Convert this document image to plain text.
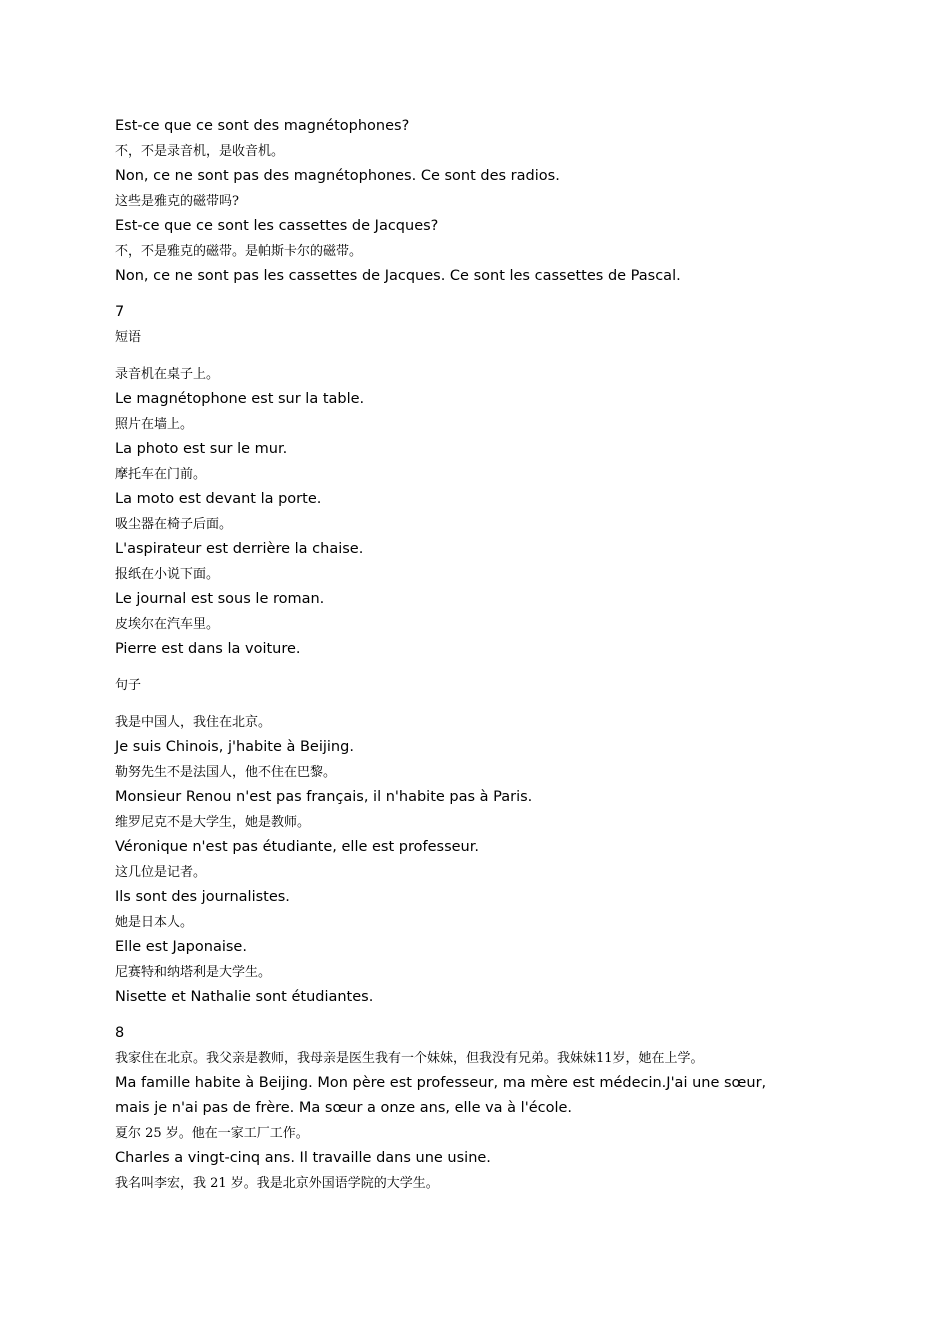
Est-ce que ce sont des magnétophones?
不，不是录音机，是收音机。
Non, ce ne sont pas des magnétophones. Ce sont des radios.
这些是雅克的磁带吗?
Est-ce que ce sont les cassettes de Jacques?
不，不是雅克的磁带。是帕斯卡尔的磁带。
Non, ce ne sont pas les cassettes de Jacques. Ce sont les cassettes de Pascal.
7
短语
录音机在桌子上。
Le magnétophone est sur la table.
照片在墙上。
La photo est sur le mur.
摩托车在门前。
La moto est devant la porte.
吸尘器在椅子后面。
L'aspirateur est derrière la chaise.
报纸在小说下面。
Le journal est sous le roman.
皮埃尔在汽车里。
Pierre est dans la voiture.
句子
我是中国人，我住在北京。
Je suis Chinois, j'habite à Beijing.
勒努先生不是法国人，他不住在巴黎。
Monsieur Renou n'est pas français, il n'habite pas à Paris.
维罗尼克不是大学生，她是教师。
Véronique n'est pas étudiante, elle est professeur.
这几位是记者。
Ils sont des journalistes.
她是日本人。
Elle est Japonaise.
尼赛特和纳塔利是大学生。
Nisette et Nathalie sont étudiantes.
8
我家住在北京。我父亲是教师，我母亲是医生我有一个妹妹，但我没有兄弟。我妹妹11岁，她在上学。
Ma famille habite à Beijing. Mon père est professeur, ma mère est médecin.J'ai une sœur, mais je n'ai pas de frère. Ma sœur a onze ans, elle va à l'école.
夏尔 25 岁。他在一家工厂工作。
Charles a vingt-cinq ans. Il travaille dans une usine.
我名叫李宏，我 21 岁。我是北京外国语学院的大学生。
